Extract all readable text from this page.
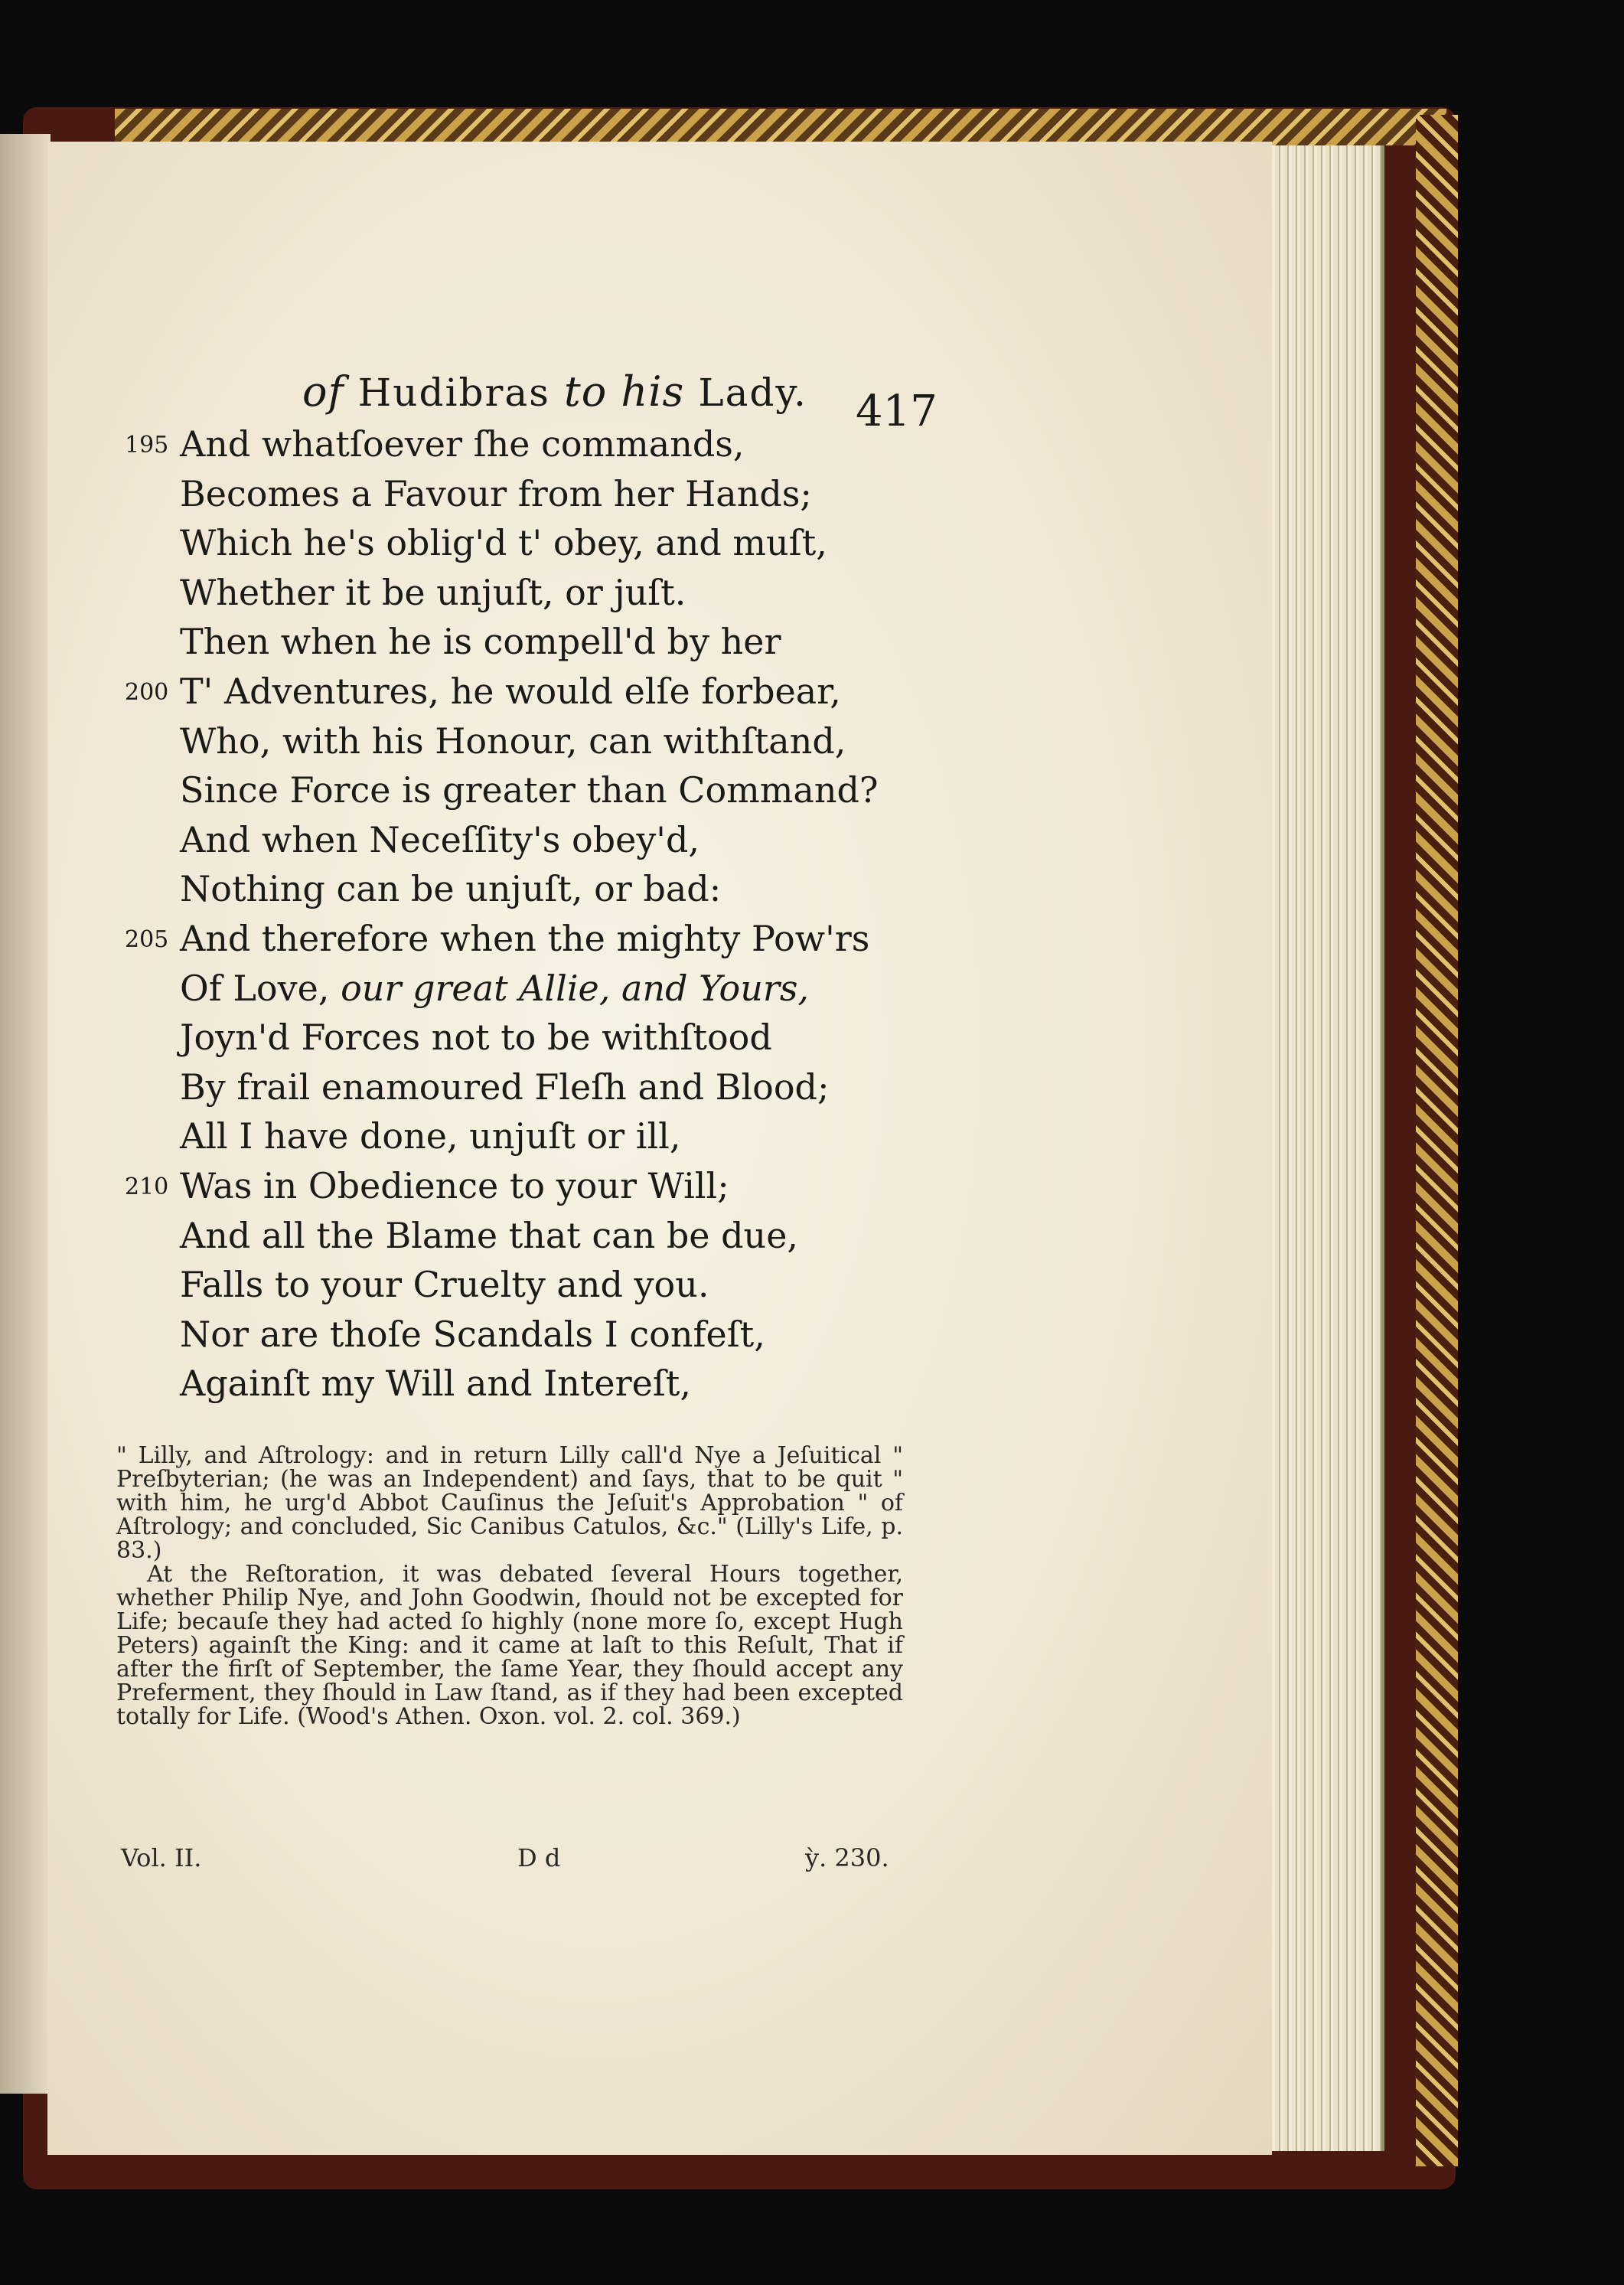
of Hudibras to his Lady. 417
195 And whatſoever ſhe commands,
Becomes a Favour from her Hands;
Which he's oblig'd t' obey, and muſt,
Whether it be unjuſt, or juſt.
Then when he is compell'd by her
200 T' Adventures, he would elſe forbear,
Who, with his Honour, can withſtand,
Since Force is greater than Command?
And when Neceſſity's obey'd,
Nothing can be unjuſt, or bad:
205 And therefore when the mighty Pow'rs
Of Love, our great Allie, and Yours,
Joyn'd Forces not to be withſtood
By frail enamoured Fleſh and Blood;
All I have done, unjuſt or ill,
210 Was in Obedience to your Will;
And all the Blame that can be due,
Falls to your Cruelty and you.
Nor are thoſe Scandals I confeſt,
Againſt my Will and Intereſt,

" Lilly, and Aſtrology: and in return Lilly call'd Nye a Jeſuitical " Preſbyterian; (he was an Independent) and ſays, that to be quit " with him, he urg'd Abbot Cauſinus the Jeſuit's Approbation " of Aſtrology; and concluded, Sic Canibus Catulos, &c." (Lilly's Life, p. 83.)

At the Reſtoration, it was debated ſeveral Hours together, whether Philip Nye, and John Goodwin, ſhould not be excepted for Life; becauſe they had acted ſo highly (none more ſo, except Hugh Peters) againſt the King: and it came at laſt to this Reſult, That if after the firſt of September, the ſame Year, they ſhould accept any Preferment, they ſhould in Law ſtand, as if they had been excepted totally for Life. (Wood's Athen. Oxon. vol. 2. col. 369.)

Vol. II.	D d	ỳ. 230.
